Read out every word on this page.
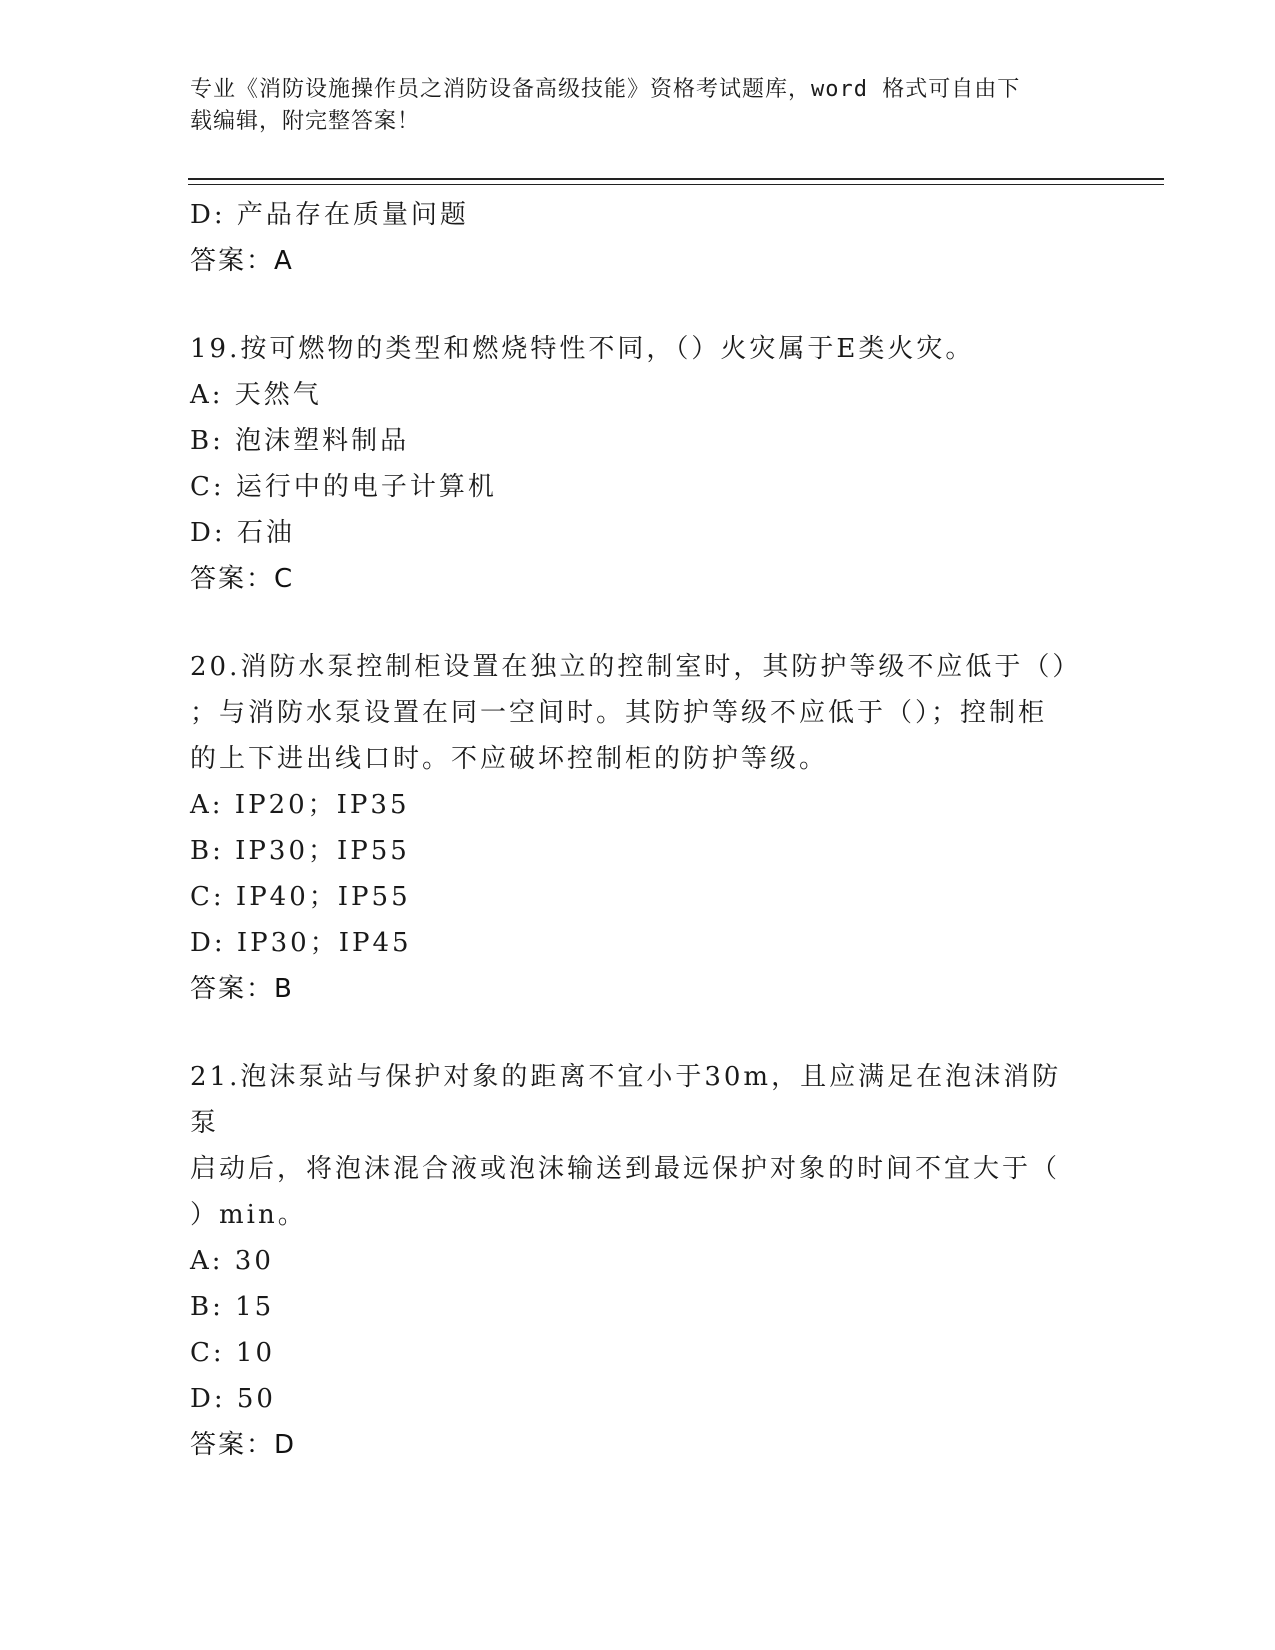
专业《消防设施操作员之消防设备高级技能》资格考试题库，word 格式可自由下
载编辑，附完整答案！
D: 产品存在质量问题
答案：A
19.按可燃物的类型和燃烧特性不同，（）火灾属于E类火灾。
A: 天然气
B: 泡沫塑料制品
C: 运行中的电子计算机
D: 石油
答案：C
20.消防水泵控制柜设置在独立的控制室时，其防护等级不应低于（）
；与消防水泵设置在同一空间时。其防护等级不应低于（）；控制柜
的上下进出线口时。不应破坏控制柜的防护等级。
A: IP20；IP35
B: IP30；IP55
C: IP40；IP55
D: IP30；IP45
答案：B
21.泡沫泵站与保护对象的距离不宜小于30m，且应满足在泡沫消防泵
启动后，将泡沫混合液或泡沫输送到最远保护对象的时间不宜大于（
）min。
A: 30
B: 15
C: 10
D: 50
答案：D
